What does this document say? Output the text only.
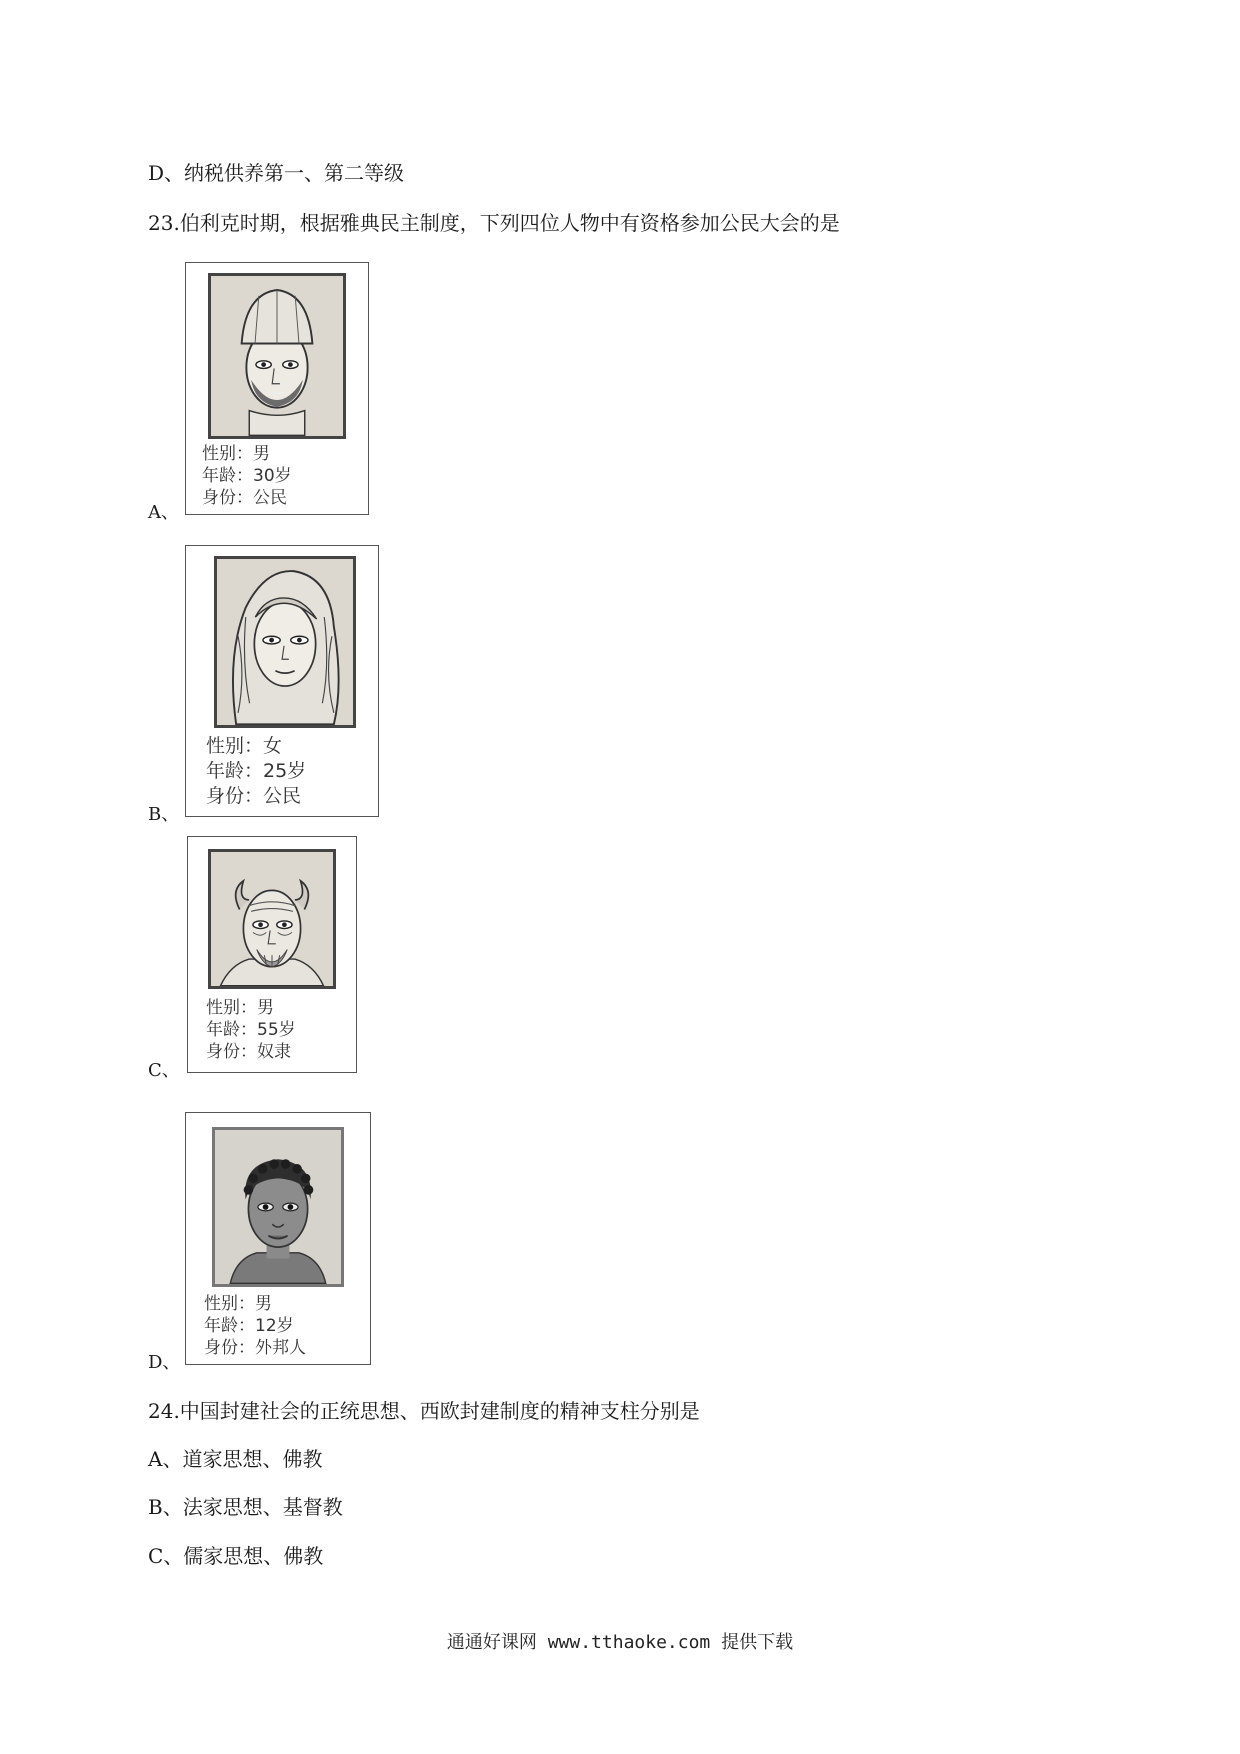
D、纳税供养第一、第二等级
23.伯利克时期，根据雅典民主制度，下列四位人物中有资格参加公民大会的是
性别：男
年龄：30岁
身份：公民
A、
性别：女
年龄：25岁
身份：公民
B、
性别：男
年龄：55岁
身份：奴隶
C、
性别：男
年龄：12岁
身份：外邦人
D、
24.中国封建社会的正统思想、西欧封建制度的精神支柱分别是
A、道家思想、佛教
B、法家思想、基督教
C、儒家思想、佛教
通通好课网 www.tthaoke.com 提供下载
